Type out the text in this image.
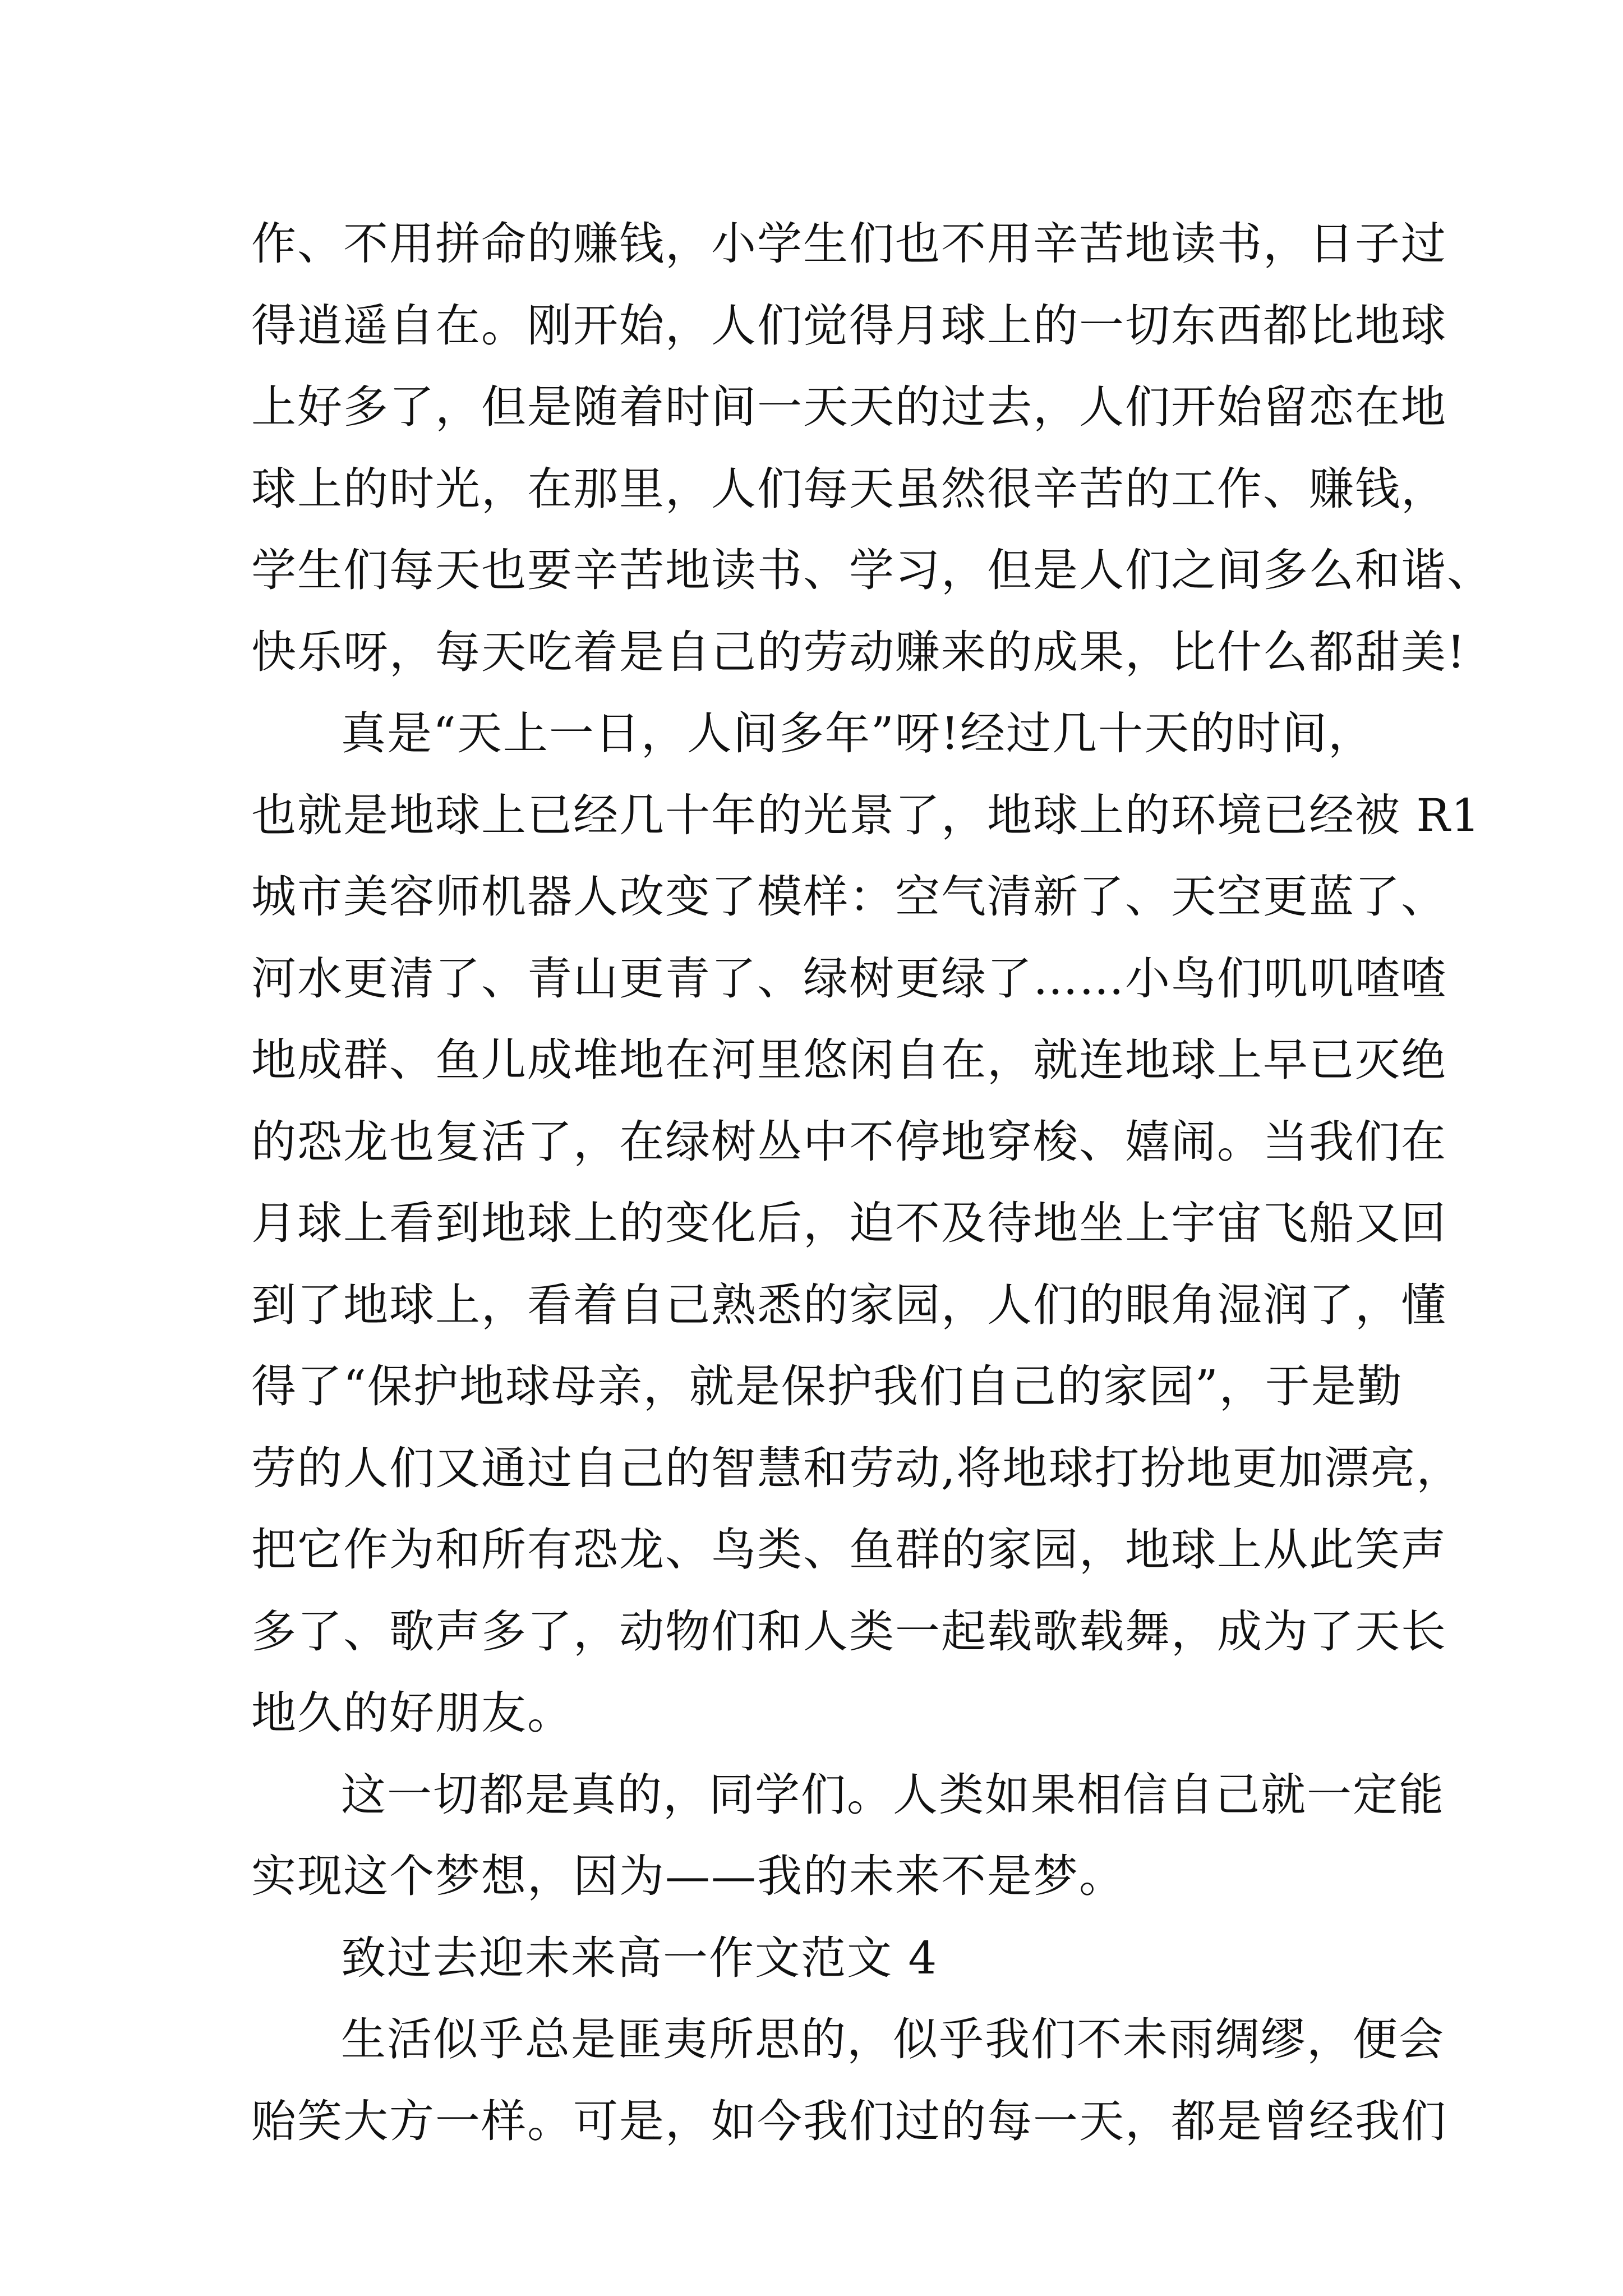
作、不用拼命的赚钱，小学生们也不用辛苦地读书，日子过
得逍遥自在。刚开始，人们觉得月球上的一切东西都比地球
上好多了，但是随着时间一天天的过去，人们开始留恋在地
球上的时光，在那里，人们每天虽然很辛苦的工作、赚钱，
学生们每天也要辛苦地读书、学习，但是人们之间多么和谐、
快乐呀，每天吃着是自己的劳动赚来的成果，比什么都甜美!
真是“天上一日，人间多年”呀!经过几十天的时间，
也就是地球上已经几十年的光景了，地球上的环境已经被 R1
城市美容师机器人改变了模样：空气清新了、天空更蓝了、
河水更清了、青山更青了、绿树更绿了……小鸟们叽叽喳喳
地成群、鱼儿成堆地在河里悠闲自在，就连地球上早已灭绝
的恐龙也复活了，在绿树丛中不停地穿梭、嬉闹。当我们在
月球上看到地球上的变化后，迫不及待地坐上宇宙飞船又回
到了地球上，看着自己熟悉的家园，人们的眼角湿润了，懂
得了“保护地球母亲，就是保护我们自己的家园”，于是勤
劳的人们又通过自己的智慧和劳动,将地球打扮地更加漂亮，
把它作为和所有恐龙、鸟类、鱼群的家园，地球上从此笑声
多了、歌声多了，动物们和人类一起载歌载舞，成为了天长
地久的好朋友。
这一切都是真的，同学们。人类如果相信自己就一定能
实现这个梦想，因为——我的未来不是梦。
致过去迎未来高一作文范文 4
生活似乎总是匪夷所思的，似乎我们不未雨绸缪，便会
贻笑大方一样。可是，如今我们过的每一天，都是曾经我们
